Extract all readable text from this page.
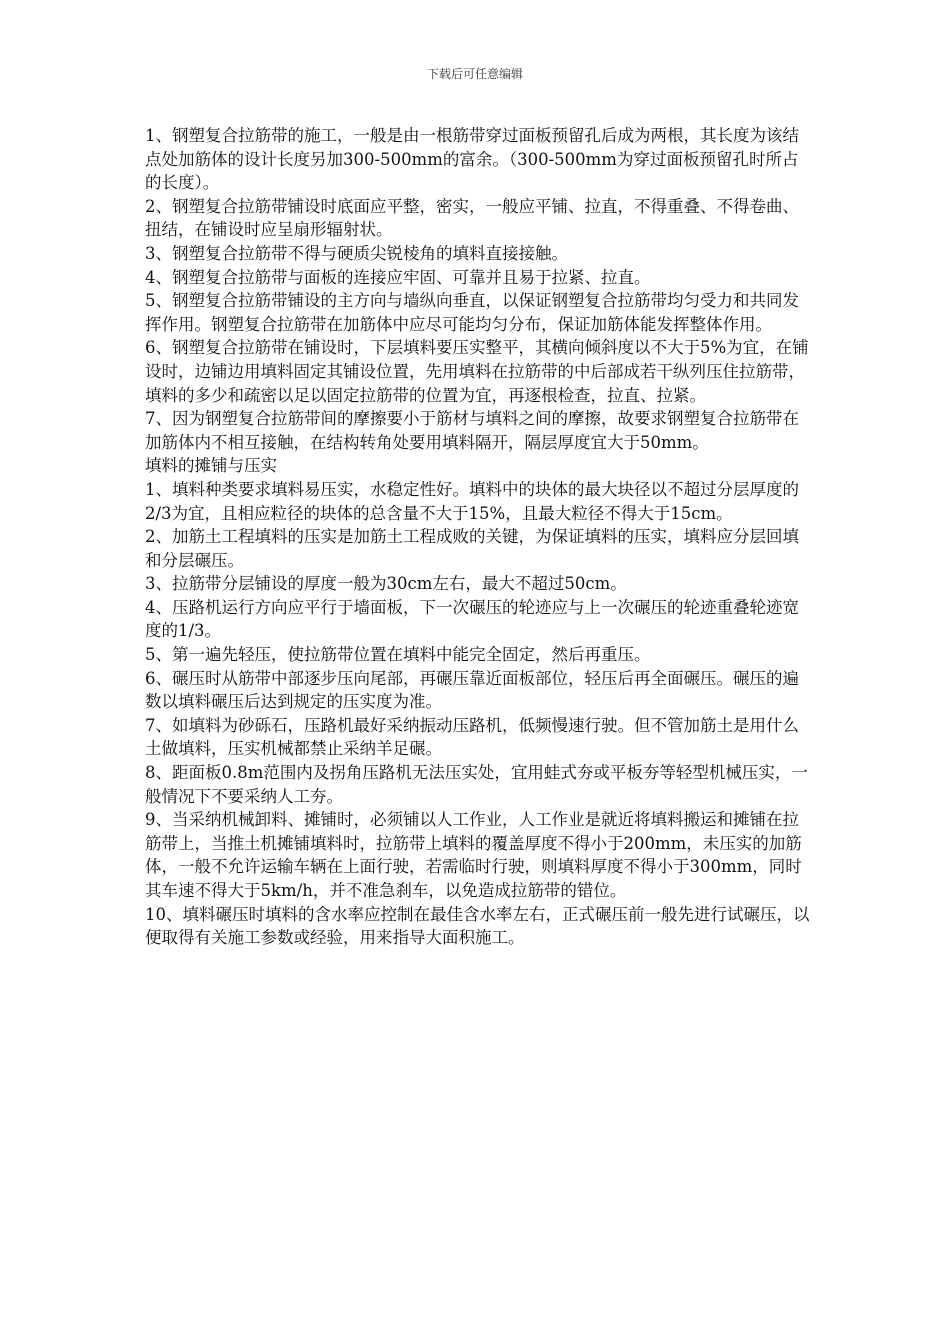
下载后可任意编辑

1、钢塑复合拉筋带的施工，一般是由一根筋带穿过面板预留孔后成为两根，其长度为该结点处加筋体的设计长度另加300-500mm的富余。（300-500mm为穿过面板预留孔时所占的长度）。

2、钢塑复合拉筋带铺设时底面应平整，密实，一般应平铺、拉直，不得重叠、不得卷曲、扭结，在铺设时应呈扇形辐射状。

3、钢塑复合拉筋带不得与硬质尖锐棱角的填料直接接触。

4、钢塑复合拉筋带与面板的连接应牢固、可靠并且易于拉紧、拉直。

5、钢塑复合拉筋带铺设的主方向与墙纵向垂直，以保证钢塑复合拉筋带均匀受力和共同发挥作用。钢塑复合拉筋带在加筋体中应尽可能均匀分布，保证加筋体能发挥整体作用。

6、钢塑复合拉筋带在铺设时，下层填料要压实整平，其横向倾斜度以不大于5%为宜，在铺设时，边铺边用填料固定其铺设位置，先用填料在拉筋带的中后部成若干纵列压住拉筋带，填料的多少和疏密以足以固定拉筋带的位置为宜，再逐根检查，拉直、拉紧。

7、因为钢塑复合拉筋带间的摩擦要小于筋材与填料之间的摩擦，故要求钢塑复合拉筋带在加筋体内不相互接触，在结构转角处要用填料隔开，隔层厚度宜大于50mm。

填料的摊铺与压实

1、填料种类要求填料易压实，水稳定性好。填料中的块体的最大块径以不超过分层厚度的2/3为宜，且相应粒径的块体的总含量不大于15%，且最大粒径不得大于15cm。

2、加筋土工程填料的压实是加筋土工程成败的关键，为保证填料的压实，填料应分层回填和分层碾压。

3、拉筋带分层铺设的厚度一般为30cm左右，最大不超过50cm。

4、压路机运行方向应平行于墙面板，下一次碾压的轮迹应与上一次碾压的轮迹重叠轮迹宽度的1/3。

5、第一遍先轻压，使拉筋带位置在填料中能完全固定，然后再重压。

6、碾压时从筋带中部逐步压向尾部，再碾压靠近面板部位，轻压后再全面碾压。碾压的遍数以填料碾压后达到规定的压实度为准。

7、如填料为砂砾石，压路机最好采纳振动压路机，低频慢速行驶。但不管加筋土是用什么土做填料，压实机械都禁止采纳羊足碾。

8、距面板0.8m范围内及拐角压路机无法压实处，宜用蛙式夯或平板夯等轻型机械压实，一般情况下不要采纳人工夯。

9、当采纳机械卸料、摊铺时，必须铺以人工作业，人工作业是就近将填料搬运和摊铺在拉筋带上，当推土机摊铺填料时，拉筋带上填料的覆盖厚度不得小于200mm，未压实的加筋体，一般不允许运输车辆在上面行驶，若需临时行驶，则填料厚度不得小于300mm，同时其车速不得大于5km/h，并不准急刹车，以免造成拉筋带的错位。

10、填料碾压时填料的含水率应控制在最佳含水率左右，正式碾压前一般先进行试碾压，以便取得有关施工参数或经验，用来指导大面积施工。
